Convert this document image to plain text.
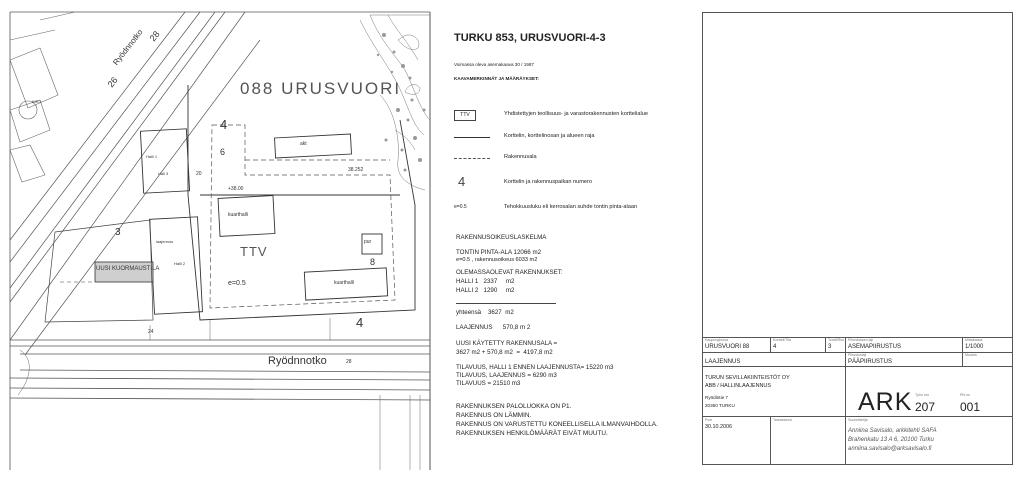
088 URUSVUORI
Ryödnnotko
Ryödnnotko
4
4
3
6
8
TTV
e=0.5
UUSI KUORMAUSTILA
Halli 1
Halli 2
laajennus
KIRJ
Hall 3
akt
pur
kuarthalli
kuarthalli
28
26
20
24
28
+38.00
38.252
TURKU 853, URUSVUORI-4-3
Voimassa oleva asemakaava 30 / 1987
KAAVAMERKINNÄT JA MÄÄRÄYKSET:
TTV	Yhdistettyjen teollisuus- ja varastorakennusten korttelialue
Korttelin, korttelinosan ja alueen raja
Rakennusala
4	Korttelin ja rakennuspaikan numero
e=0.5	Tehokkuusluku eli kerrosalan suhde tontin pinta-alaan
RAKENNUSOIKEUSLASKELMA
TONTIN PINTA-ALA 12066 m2
e=0.5 , rakennusoikeus 6033 m2
OLEMASSAOLEVAT RAKENNUKSET:
HALLI 1   2337     m2
HALLI 2   1290     m2
yhteensä    3627  m2
LAAJENNUS      570,8 m 2
UUSI KÄYTETTY RAKENNUSALA =
3627 m2 + 570,8 m2  =  4197,8 m2
TILAVUUS, HALLI 1 ENNEN LAAJENNUSTA= 15220 m3
TILAVUUS, LAAJENNUS = 6290 m3
TILAVUUS = 21510 m3
RAKENNUKSEN PALOLUOKKA ON P1.
RAKENNUS ON LÄMMIN.
RAKENNUS ON VARUSTETTU KONEELLISELLA ILMANVAIHDOLLA.
RAKENNUKSEN HENKILÖMÄÄRÄT EIVÄT MUUTU.
Kaupunginosa
URUSVUORI 88
Kortteli/Tila
4
Tontti/Rno
3
Piirustuksen laji
ASEMAPIIRUSTUS
Mittakaava
1/1000
LAAJENNUS
Piirustuslaji
PÄÄPIIRUSTUS
Muutos
TURUN SEVILLAKIINTEISTÖT OY
ABB / HALLINLAAJENNUS
Ryödintie 7
20360 TURKU	ARK Työn nro
207
Piir.no
001
Pvm
30.10.2006
Tarkastanut	Suunnittelija
Anniina Savisalo, arkkitehti SAFA
Brahenkatu 13 A 6, 20100 Turku
anniina.savisalo@arksavisalo.fi
